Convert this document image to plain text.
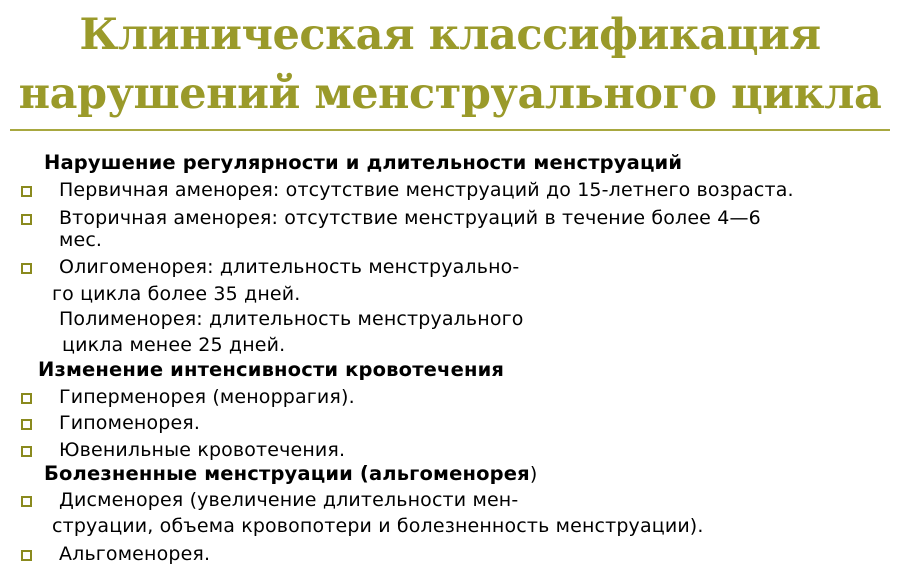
Клиническая классификация
нарушений менструального цикла
Нарушение регулярности и длительности менструаций
Первичная аменорея: отсутствие менструаций до 15-летнего возраста.
Вторичная аменорея: отсутствие менструаций в течение более 4—6
мес.
Олигоменорея: длительность менструально-
го цикла более 35 дней.
Полименорея: длительность менструального
цикла менее 25 дней.
Изменение интенсивности кровотечения
Гиперменорея (меноррагия).
Гипоменорея.
Ювенильные кровотечения.
Болезненные менструации (альгоменорея)
Дисменорея (увеличение длительности мен-
струации, объема кровопотери и болезненность менструации).
Альгоменорея.
